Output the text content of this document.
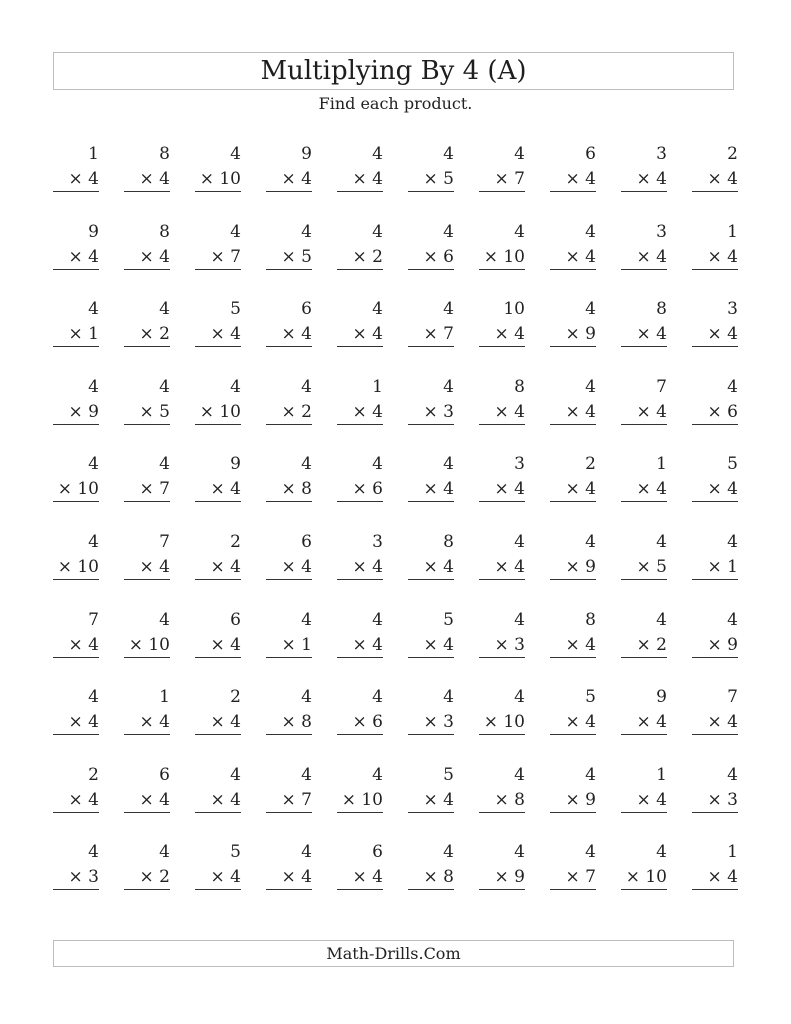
Multiplying By 4 (A)
Find each product.
1
× 4
8
× 4
4
× 10
9
× 4
4
× 4
4
× 5
4
× 7
6
× 4
3
× 4
2
× 4
9
× 4
8
× 4
4
× 7
4
× 5
4
× 2
4
× 6
4
× 10
4
× 4
3
× 4
1
× 4
4
× 1
4
× 2
5
× 4
6
× 4
4
× 4
4
× 7
10
× 4
4
× 9
8
× 4
3
× 4
4
× 9
4
× 5
4
× 10
4
× 2
1
× 4
4
× 3
8
× 4
4
× 4
7
× 4
4
× 6
4
× 10
4
× 7
9
× 4
4
× 8
4
× 6
4
× 4
3
× 4
2
× 4
1
× 4
5
× 4
4
× 10
7
× 4
2
× 4
6
× 4
3
× 4
8
× 4
4
× 4
4
× 9
4
× 5
4
× 1
7
× 4
4
× 10
6
× 4
4
× 1
4
× 4
5
× 4
4
× 3
8
× 4
4
× 2
4
× 9
4
× 4
1
× 4
2
× 4
4
× 8
4
× 6
4
× 3
4
× 10
5
× 4
9
× 4
7
× 4
2
× 4
6
× 4
4
× 4
4
× 7
4
× 10
5
× 4
4
× 8
4
× 9
1
× 4
4
× 3
4
× 3
4
× 2
5
× 4
4
× 4
6
× 4
4
× 8
4
× 9
4
× 7
4
× 10
1
× 4
Math-Drills.Com
